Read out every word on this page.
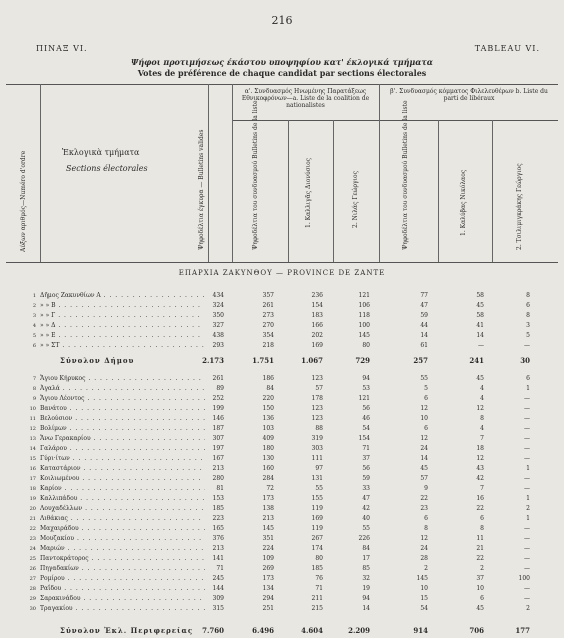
216
ΠΙΝΑΞ VI.	TABLEAU VI.
Ψήφοι προτιμήσεως έκάστου υποψηφίου κατ' έκλογικά τμήματα
Votes de préférence de chaque candidat par sections électorales
Αύξων αριθμός—Numéro d'ordre	Ἐκλογικὰ τμήματα
Sections électorales	Ψηφοδέλτια έγκυρα — Bulletins valides
α'. Συνδυασμός Ηνωμένης Παρατάξεως Εθνικοφρόνων—a. Liste de la coalition de nationalistes
β'. Συνδυασμός κόμματος Φιλελευθέρων b. Liste du parti de libéraux
Ψηφοδέλτια του συνδυασμού Bulletins de la liste	1. Καλλιγᾶς Διονύσιος	2. Νιλάς Γεώργιος	Ψηφοδέλτια του συνδυασμού Bulletins de la liste	1. Καλύβας Νικόλαος	2. Τσιλιμιγκράκης Γεώργιος
ΕΠΑΡΧΙΑ ΖΑΚΥΝΘΟΥ — PROVINCE DE ZANTE
1 Δῆμος Ζακυνθίων Α . . .	434	357	236	121	77	58	8
2 » » Β . . .	324	261	154	106	47	45	6
3 » » Γ . . .	350	273	183	118	59	58	8
4 » » Δ . . .	327	270	166	100	44	41	3
5 » » Ε . . .	438	354	202	145	14	14	5
6 » » ΣΤ . . .	293	218	169	80	61	—	—
Σύνολον Δήμου	2.173	1.751	1.067	729	257	241	30
7 Ἄγιου Κήρυκος . . .	261	186	123	94	55	45	6
8 Ἀγαλά . . .	89	84	57	53	5	4	1
9 Ἄγιου Λέοντος . . .	252	220	178	121	6	4	—
10 Βανάτου . . .	199	150	123	56	12	12	—
11 Βελούσιον . . .	146	136	123	46	10	8	—
12 Βολίμων . . .	187	103	88	54	6	4	—
13 Ἄνω Γερακαρίου . . .	307	409	319	154	12	7	—
14 Γαλάρου . . .	197	180	303	71	24	18	—
15 Γύρι·ίτων . . .	167	130	111	37	14	12	—
16 Καταστάριον . . .	213	160	97	56	45	43	1
17 Κοιλιωμένου . . .	280	284	131	59	57	42	—
18 Καρίον . . .	81	72	55	33	9	7	—
19 Καλλιπάδου . . .	153	173	155	47	22	16	1
20 Λουχαδέλλων . . .	185	138	119	42	23	22	2
21 Λιθάκιας . . .	223	213	169	40	6	6	1
22 Μαχαιράδου . . .	165	145	119	55	8	8	—
23 Μουζακίου . . .	376	351	267	226	12	11	—
24 Μαριών . . .	213	224	174	84	24	21	—
25 Παντοκράτορος . . .	141	109	80	17	28	22	—
26 Πηγαδακίων . . .	71	269	185	85	2	2	—
27 Ρομίρου . . .	245	173	76	32	145	37	100
28 Ραΐδου . . .	144	134	71	19	10	10	—
29 Σαρακινάδου . . .	309	294	211	94	15	6	—
30 Τραγακίου . . .	315	251	215	14	54	45	2
Σύνολον Ἐκλ. Περιφερείας	7.760	6.496	4.604	2.209	914	706	177
